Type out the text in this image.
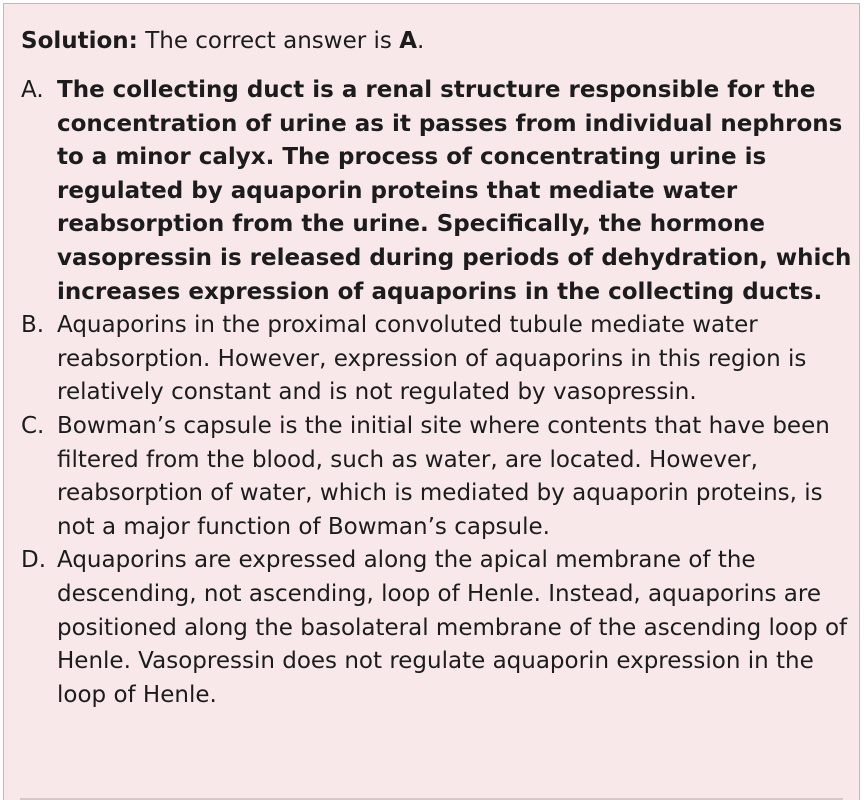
Solution: The correct answer is A.
A. The collecting duct is a renal structure responsible for the concentration of urine as it passes from individual nephrons to a minor calyx. The process of concentrating urine is regulated by aquaporin proteins that mediate water reabsorption from the urine. Specifically, the hormone vasopressin is released during periods of dehydration, which increases expression of aquaporins in the collecting ducts.
B. Aquaporins in the proximal convoluted tubule mediate water reabsorption. However, expression of aquaporins in this region is relatively constant and is not regulated by vasopressin.
C. Bowman’s capsule is the initial site where contents that have been filtered from the blood, such as water, are located. However, reabsorption of water, which is mediated by aquaporin proteins, is not a major function of Bowman’s capsule.
D. Aquaporins are expressed along the apical membrane of the descending, not ascending, loop of Henle. Instead, aquaporins are positioned along the basolateral membrane of the ascending loop of Henle. Vasopressin does not regulate aquaporin expression in the loop of Henle.
